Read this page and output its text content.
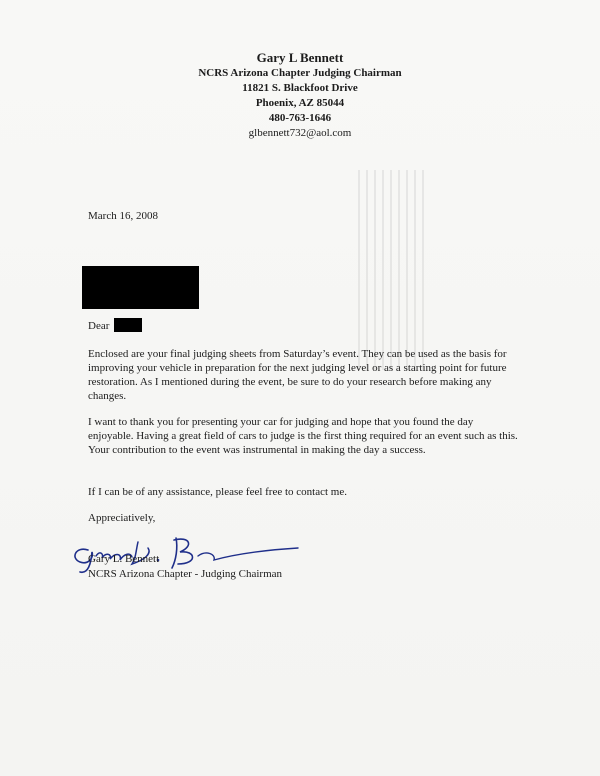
Gary L Bennett
NCRS Arizona Chapter Judging Chairman
11821 S. Blackfoot Drive
Phoenix, AZ 85044
480-763-1646
glbennett732@aol.com
March 16, 2008
Dear
Enclosed are your final judging sheets from Saturday’s event. They can be used as the basis for improving your vehicle in preparation for the next judging level or as a starting point for future restoration. As I mentioned during the event, be sure to do your research before making any changes.
I want to thank you for presenting your car for judging and hope that you found the day enjoyable. Having a great field of cars to judge is the first thing required for an event such as this. Your contribution to the event was instrumental in making the day a success.
If I can be of any assistance, please feel free to contact me.
Appreciatively,
Gary L. Bennett
NCRS Arizona Chapter - Judging Chairman
